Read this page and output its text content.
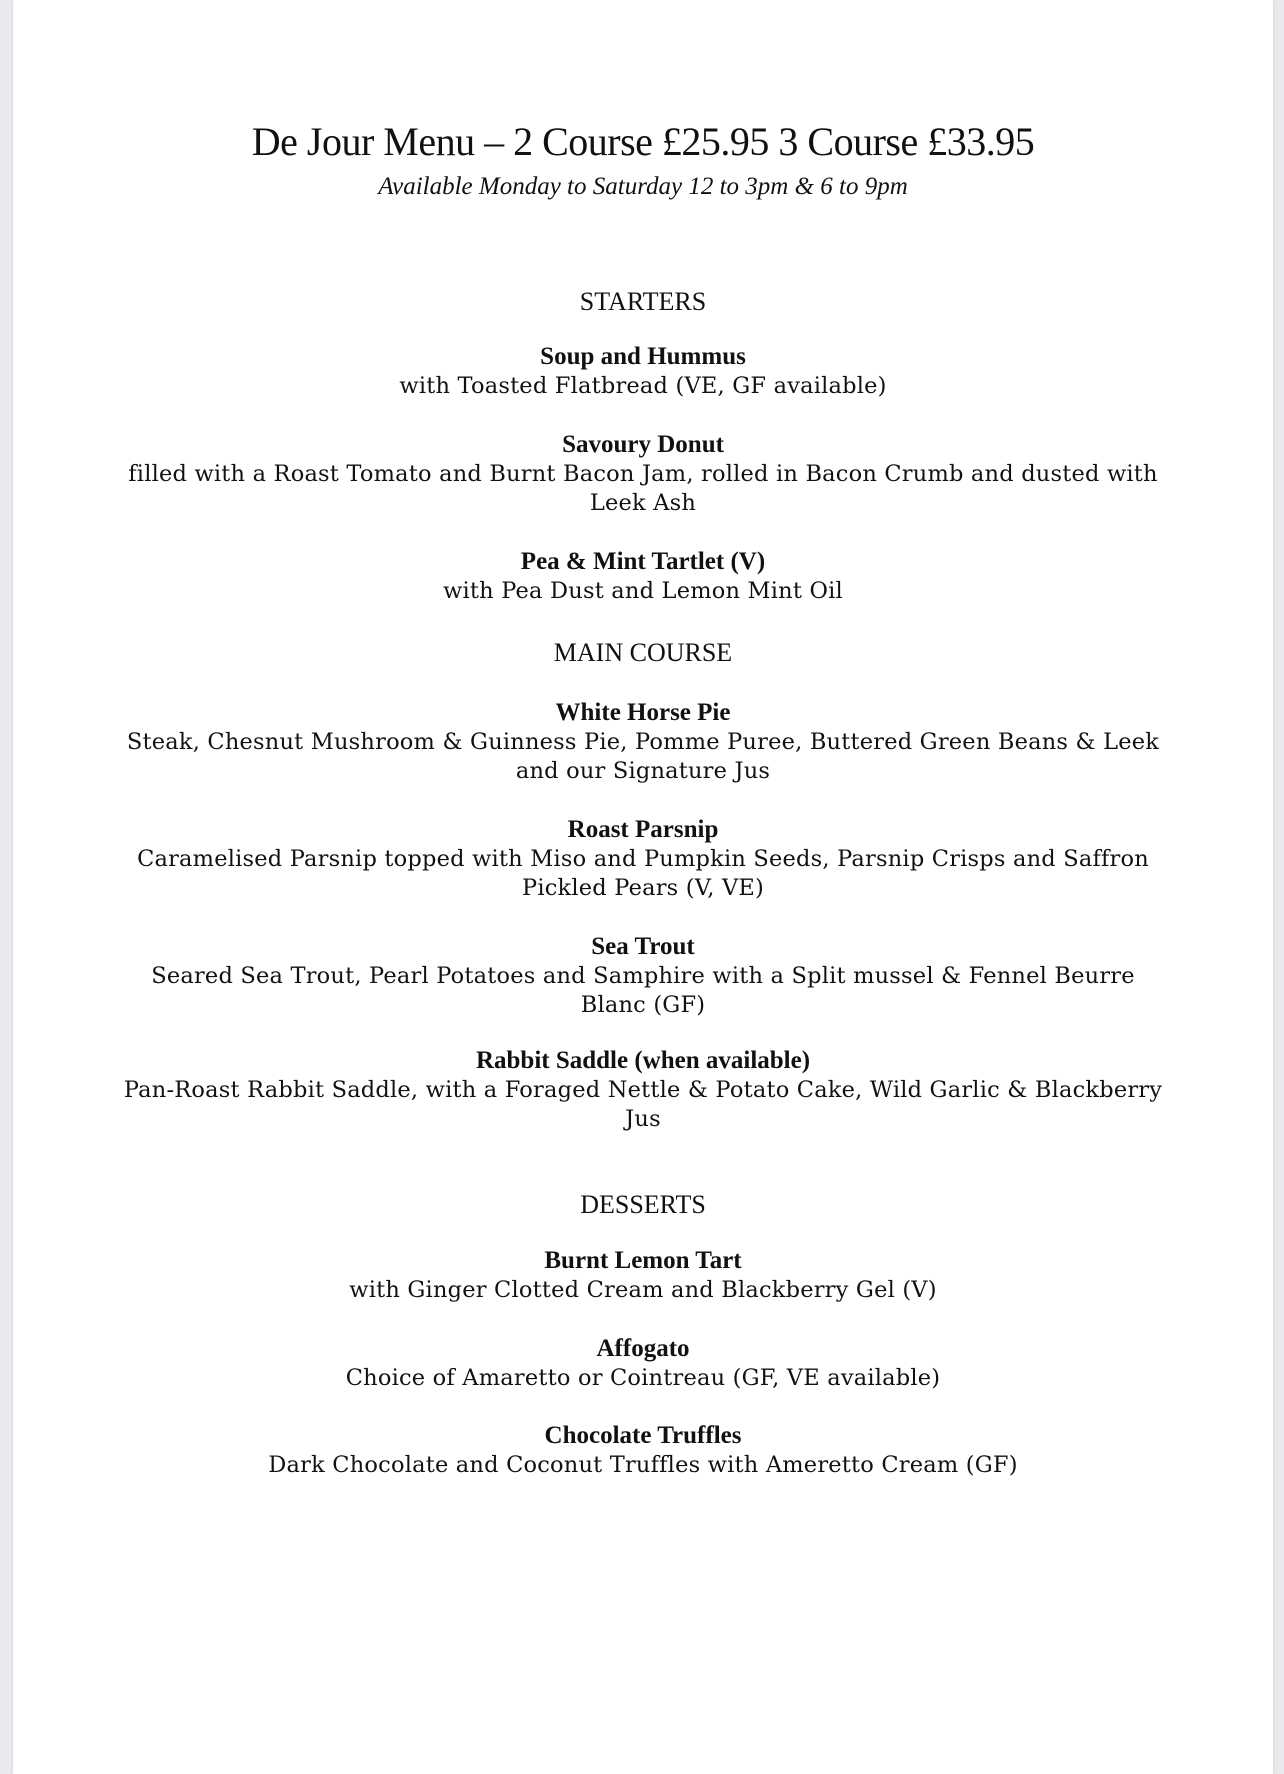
De Jour Menu – 2 Course £25.95 3 Course £33.95
Available Monday to Saturday 12 to 3pm & 6 to 9pm
STARTERS
Soup and Hummus
with Toasted Flatbread (VE, GF available)
Savoury Donut
filled with a Roast Tomato and Burnt Bacon Jam, rolled in Bacon Crumb and dusted with Leek Ash
Pea & Mint Tartlet (V)
with Pea Dust and Lemon Mint Oil
MAIN COURSE
White Horse Pie
Steak, Chesnut Mushroom & Guinness Pie, Pomme Puree, Buttered Green Beans & Leek and our Signature Jus
Roast Parsnip
Caramelised Parsnip topped with Miso and Pumpkin Seeds, Parsnip Crisps and Saffron Pickled Pears (V, VE)
Sea Trout
Seared Sea Trout, Pearl Potatoes and Samphire with a Split mussel & Fennel Beurre Blanc (GF)
Rabbit Saddle (when available)
Pan-Roast Rabbit Saddle, with a Foraged Nettle & Potato Cake, Wild Garlic & Blackberry Jus
DESSERTS
Burnt Lemon Tart
with Ginger Clotted Cream and Blackberry Gel (V)
Affogato
Choice of Amaretto or Cointreau (GF, VE available)
Chocolate Truffles
Dark Chocolate and Coconut Truffles with Ameretto Cream (GF)
